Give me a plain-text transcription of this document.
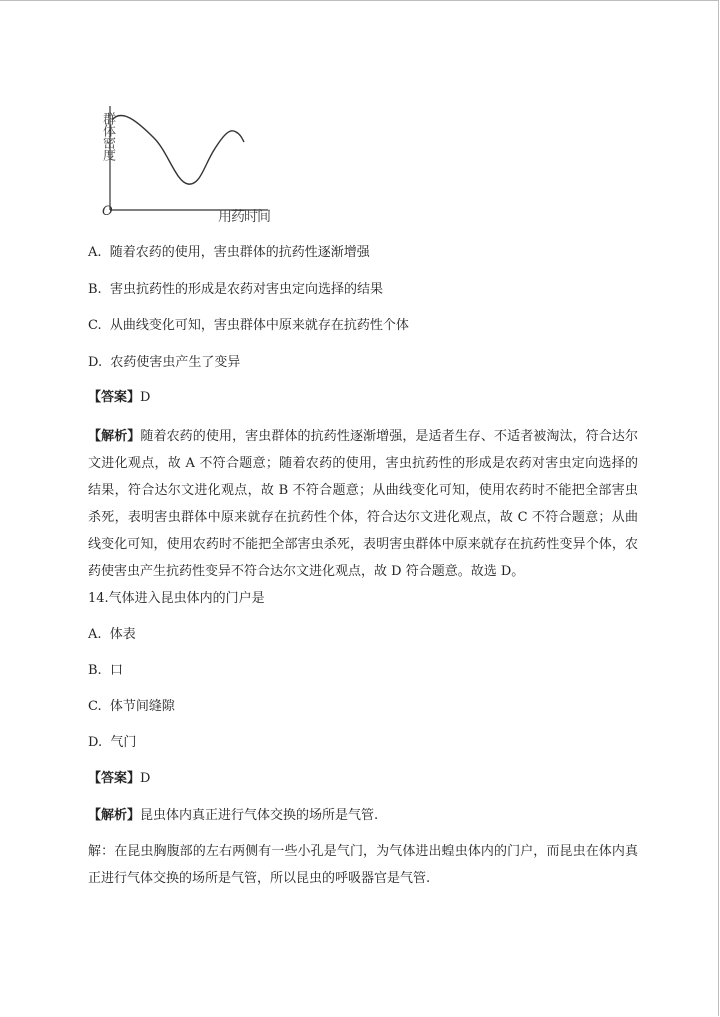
群体密度
O	用药时间
A. 随着农药的使用，害虫群体的抗药性逐渐增强
B. 害虫抗药性的形成是农药对害虫定向选择的结果
C. 从曲线变化可知，害虫群体中原来就存在抗药性个体
D. 农药使害虫产生了变异
【答案】D
【解析】随着农药的使用，害虫群体的抗药性逐渐增强，是适者生存、不适者被淘汰，符合达尔文进化观点，故 A 不符合题意；随着农药的使用，害虫抗药性的形成是农药对害虫定向选择的结果，符合达尔文进化观点，故 B 不符合题意；从曲线变化可知，使用农药时不能把全部害虫杀死，表明害虫群体中原来就存在抗药性个体，符合达尔文进化观点，故 C 不符合题意；从曲线变化可知，使用农药时不能把全部害虫杀死，表明害虫群体中原来就存在抗药性变异个体，农药使害虫产生抗药性变异不符合达尔文进化观点，故 D 符合题意。故选 D。
14.气体进入昆虫体内的门户是
A. 体表
B. 口
C. 体节间缝隙
D. 气门
【答案】D
【解析】昆虫体内真正进行气体交换的场所是气管.
解：在昆虫胸腹部的左右两侧有一些小孔是气门，为气体进出蝗虫体内的门户，而昆虫在体内真正进行气体交换的场所是气管，所以昆虫的呼吸器官是气管.
